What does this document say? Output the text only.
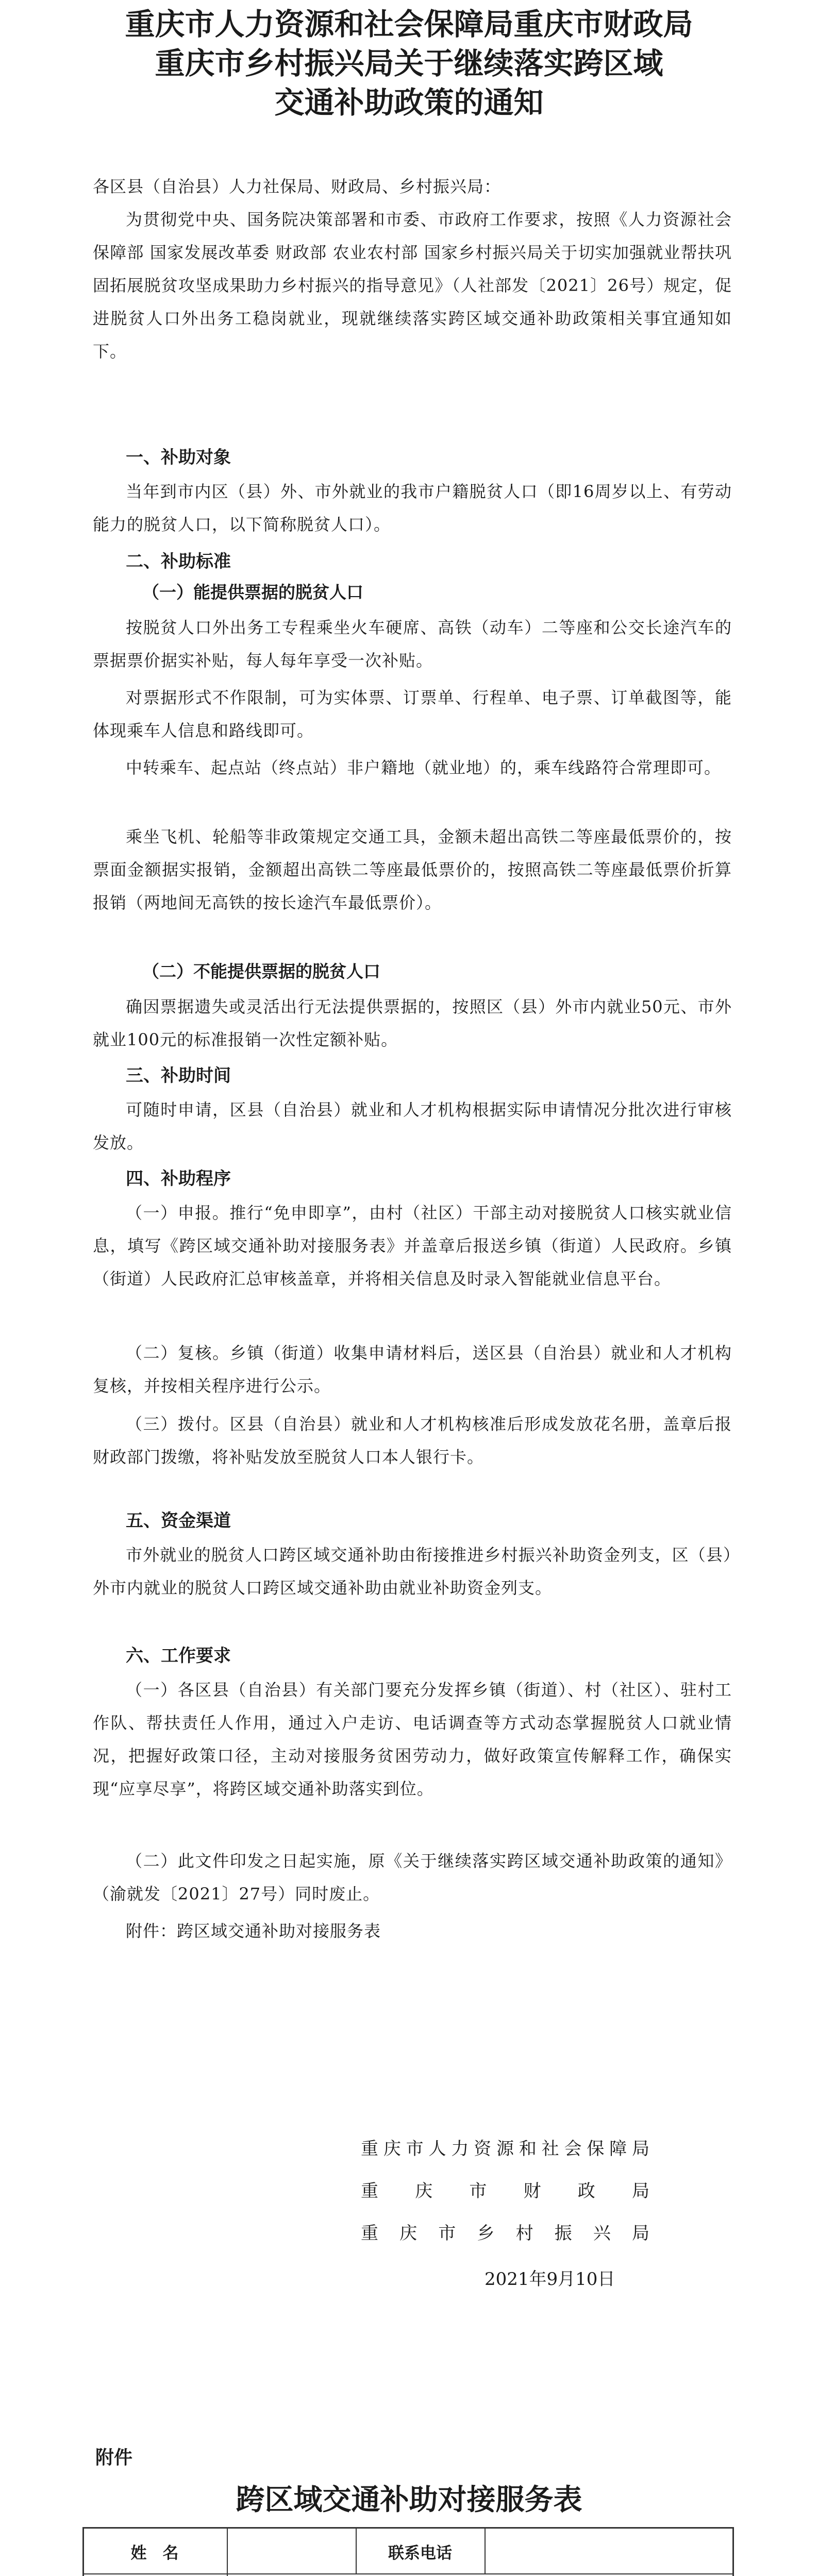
重庆市人力资源和社会保障局重庆市财政局
重庆市乡村振兴局关于继续落实跨区域
交通补助政策的通知

各区县（自治县）人力社保局、财政局、乡村振兴局：

为贯彻党中央、国务院决策部署和市委、市政府工作要求，按照《人力资源社会保障部 国家发展改革委 财政部 农业农村部 国家乡村振兴局关于切实加强就业帮扶巩固拓展脱贫攻坚成果助力乡村振兴的指导意见》（人社部发〔2021〕26号）规定，促进脱贫人口外出务工稳岗就业，现就继续落实跨区域交通补助政策相关事宜通知如下。

一、补助对象

当年到市内区（县）外、市外就业的我市户籍脱贫人口（即16周岁以上、有劳动能力的脱贫人口，以下简称脱贫人口）。

二、补助标准
（一）能提供票据的脱贫人口

按脱贫人口外出务工专程乘坐火车硬席、高铁（动车）二等座和公交长途汽车的票据票价据实补贴，每人每年享受一次补贴。

对票据形式不作限制，可为实体票、订票单、行程单、电子票、订单截图等，能体现乘车人信息和路线即可。

中转乘车、起点站（终点站）非户籍地（就业地）的，乘车线路符合常理即可。

乘坐飞机、轮船等非政策规定交通工具，金额未超出高铁二等座最低票价的，按票面金额据实报销，金额超出高铁二等座最低票价的，按照高铁二等座最低票价折算报销（两地间无高铁的按长途汽车最低票价）。

（二）不能提供票据的脱贫人口

确因票据遗失或灵活出行无法提供票据的，按照区（县）外市内就业50元、市外就业100元的标准报销一次性定额补贴。

三、补助时间

可随时申请，区县（自治县）就业和人才机构根据实际申请情况分批次进行审核发放。

四、补助程序

（一）申报。推行“免申即享”，由村（社区）干部主动对接脱贫人口核实就业信息，填写《跨区域交通补助对接服务表》并盖章后报送乡镇（街道）人民政府。乡镇（街道）人民政府汇总审核盖章，并将相关信息及时录入智能就业信息平台。

（二）复核。乡镇（街道）收集申请材料后，送区县（自治县）就业和人才机构复核，并按相关程序进行公示。

（三）拨付。区县（自治县）就业和人才机构核准后形成发放花名册，盖章后报财政部门拨缴，将补贴发放至脱贫人口本人银行卡。

五、资金渠道

市外就业的脱贫人口跨区域交通补助由衔接推进乡村振兴补助资金列支，区（县）外市内就业的脱贫人口跨区域交通补助由就业补助资金列支。

六、工作要求

（一）各区县（自治县）有关部门要充分发挥乡镇（街道）、村（社区）、驻村工作队、帮扶责任人作用，通过入户走访、电话调查等方式动态掌握脱贫人口就业情况，把握好政策口径，主动对接服务贫困劳动力，做好政策宣传解释工作，确保实现“应享尽享”，将跨区域交通补助落实到位。

（二）此文件印发之日起实施，原《关于继续落实跨区域交通补助政策的通知》（渝就发〔2021〕27号）同时废止。

附件：跨区域交通补助对接服务表

重庆市人力资源和社会保障局
重庆市财政局
重庆市乡村振兴局
2021年9月10日
附件
跨区域交通补助对接服务表
姓　名	联系电话
